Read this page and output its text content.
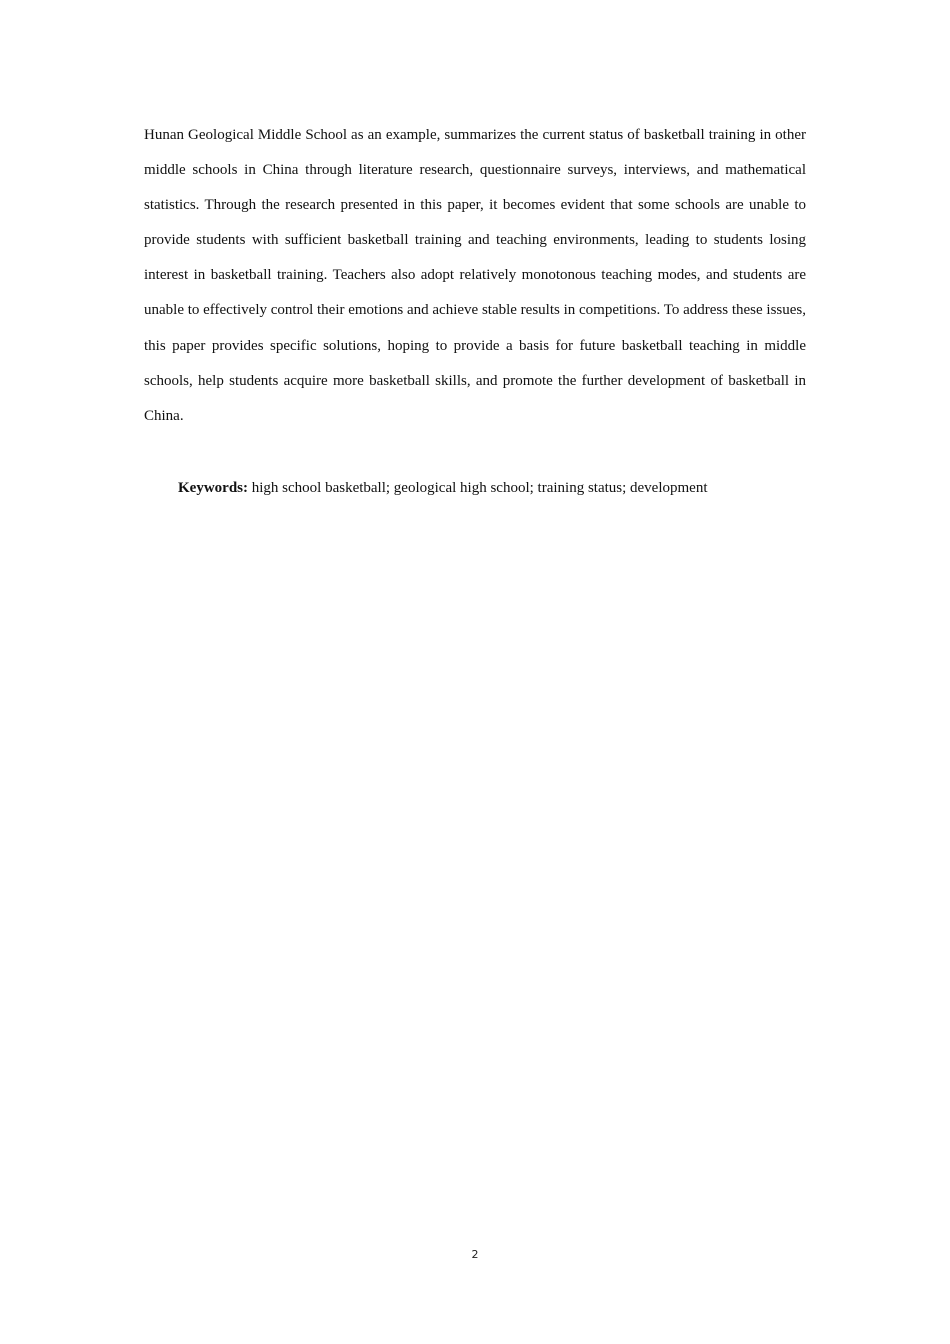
Hunan Geological Middle School as an example, summarizes the current status of basketball training in other middle schools in China through literature research, questionnaire surveys, interviews, and mathematical statistics. Through the research presented in this paper, it becomes evident that some schools are unable to provide students with sufficient basketball training and teaching environments, leading to students losing interest in basketball training. Teachers also adopt relatively monotonous teaching modes, and students are unable to effectively control their emotions and achieve stable results in competitions. To address these issues, this paper provides specific solutions, hoping to provide a basis for future basketball teaching in middle schools, help students acquire more basketball skills, and promote the further development of basketball in China.

Keywords: high school basketball; geological high school; training status; development

2
